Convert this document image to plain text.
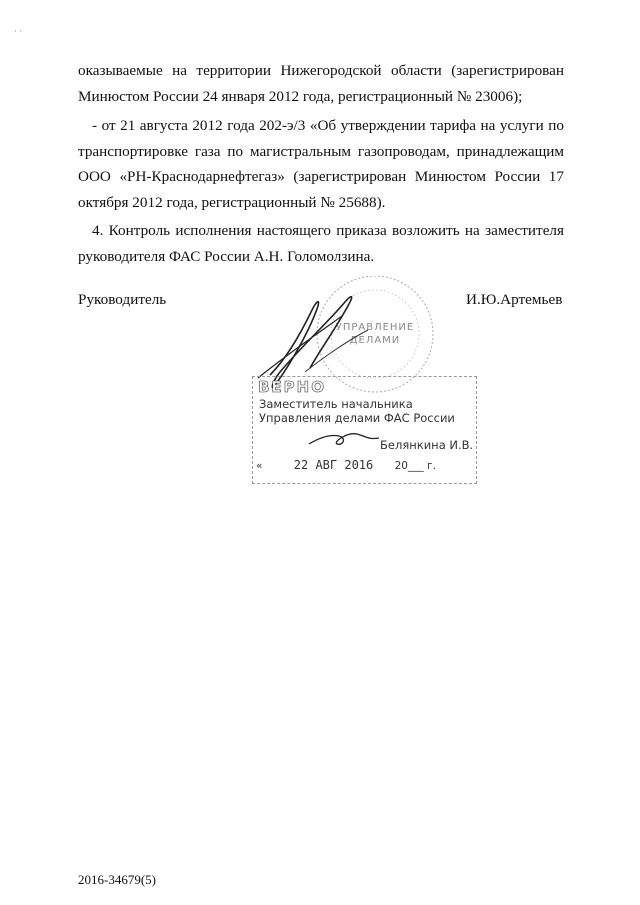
· ·

оказываемые на территории Нижегородской области (зарегистрирован Минюстом России 24 января 2012 года, регистрационный № 23006);

- от 21 августа 2012 года 202-э/3 «Об утверждении тарифа на услуги по транспортировке газа по магистральным газопроводам, принадлежащим ООО «РН-Краснодарнефтегаз» (зарегистрирован Минюстом России 17 октября 2012 года, регистрационный № 25688).

4. Контроль исполнения настоящего приказа возложить на заместителя руководителя ФАС России А.Н. Голомолзина.

Руководитель	И.Ю.Артемьев
УПРАВЛЕНИЕ
ДЕЛАМИ
ВЕРНО
Заместитель начальника
Управления делами ФАС России
Белянкина И.В.
«	22 АВГ 2016 20___ г.
2016-34679(5)
